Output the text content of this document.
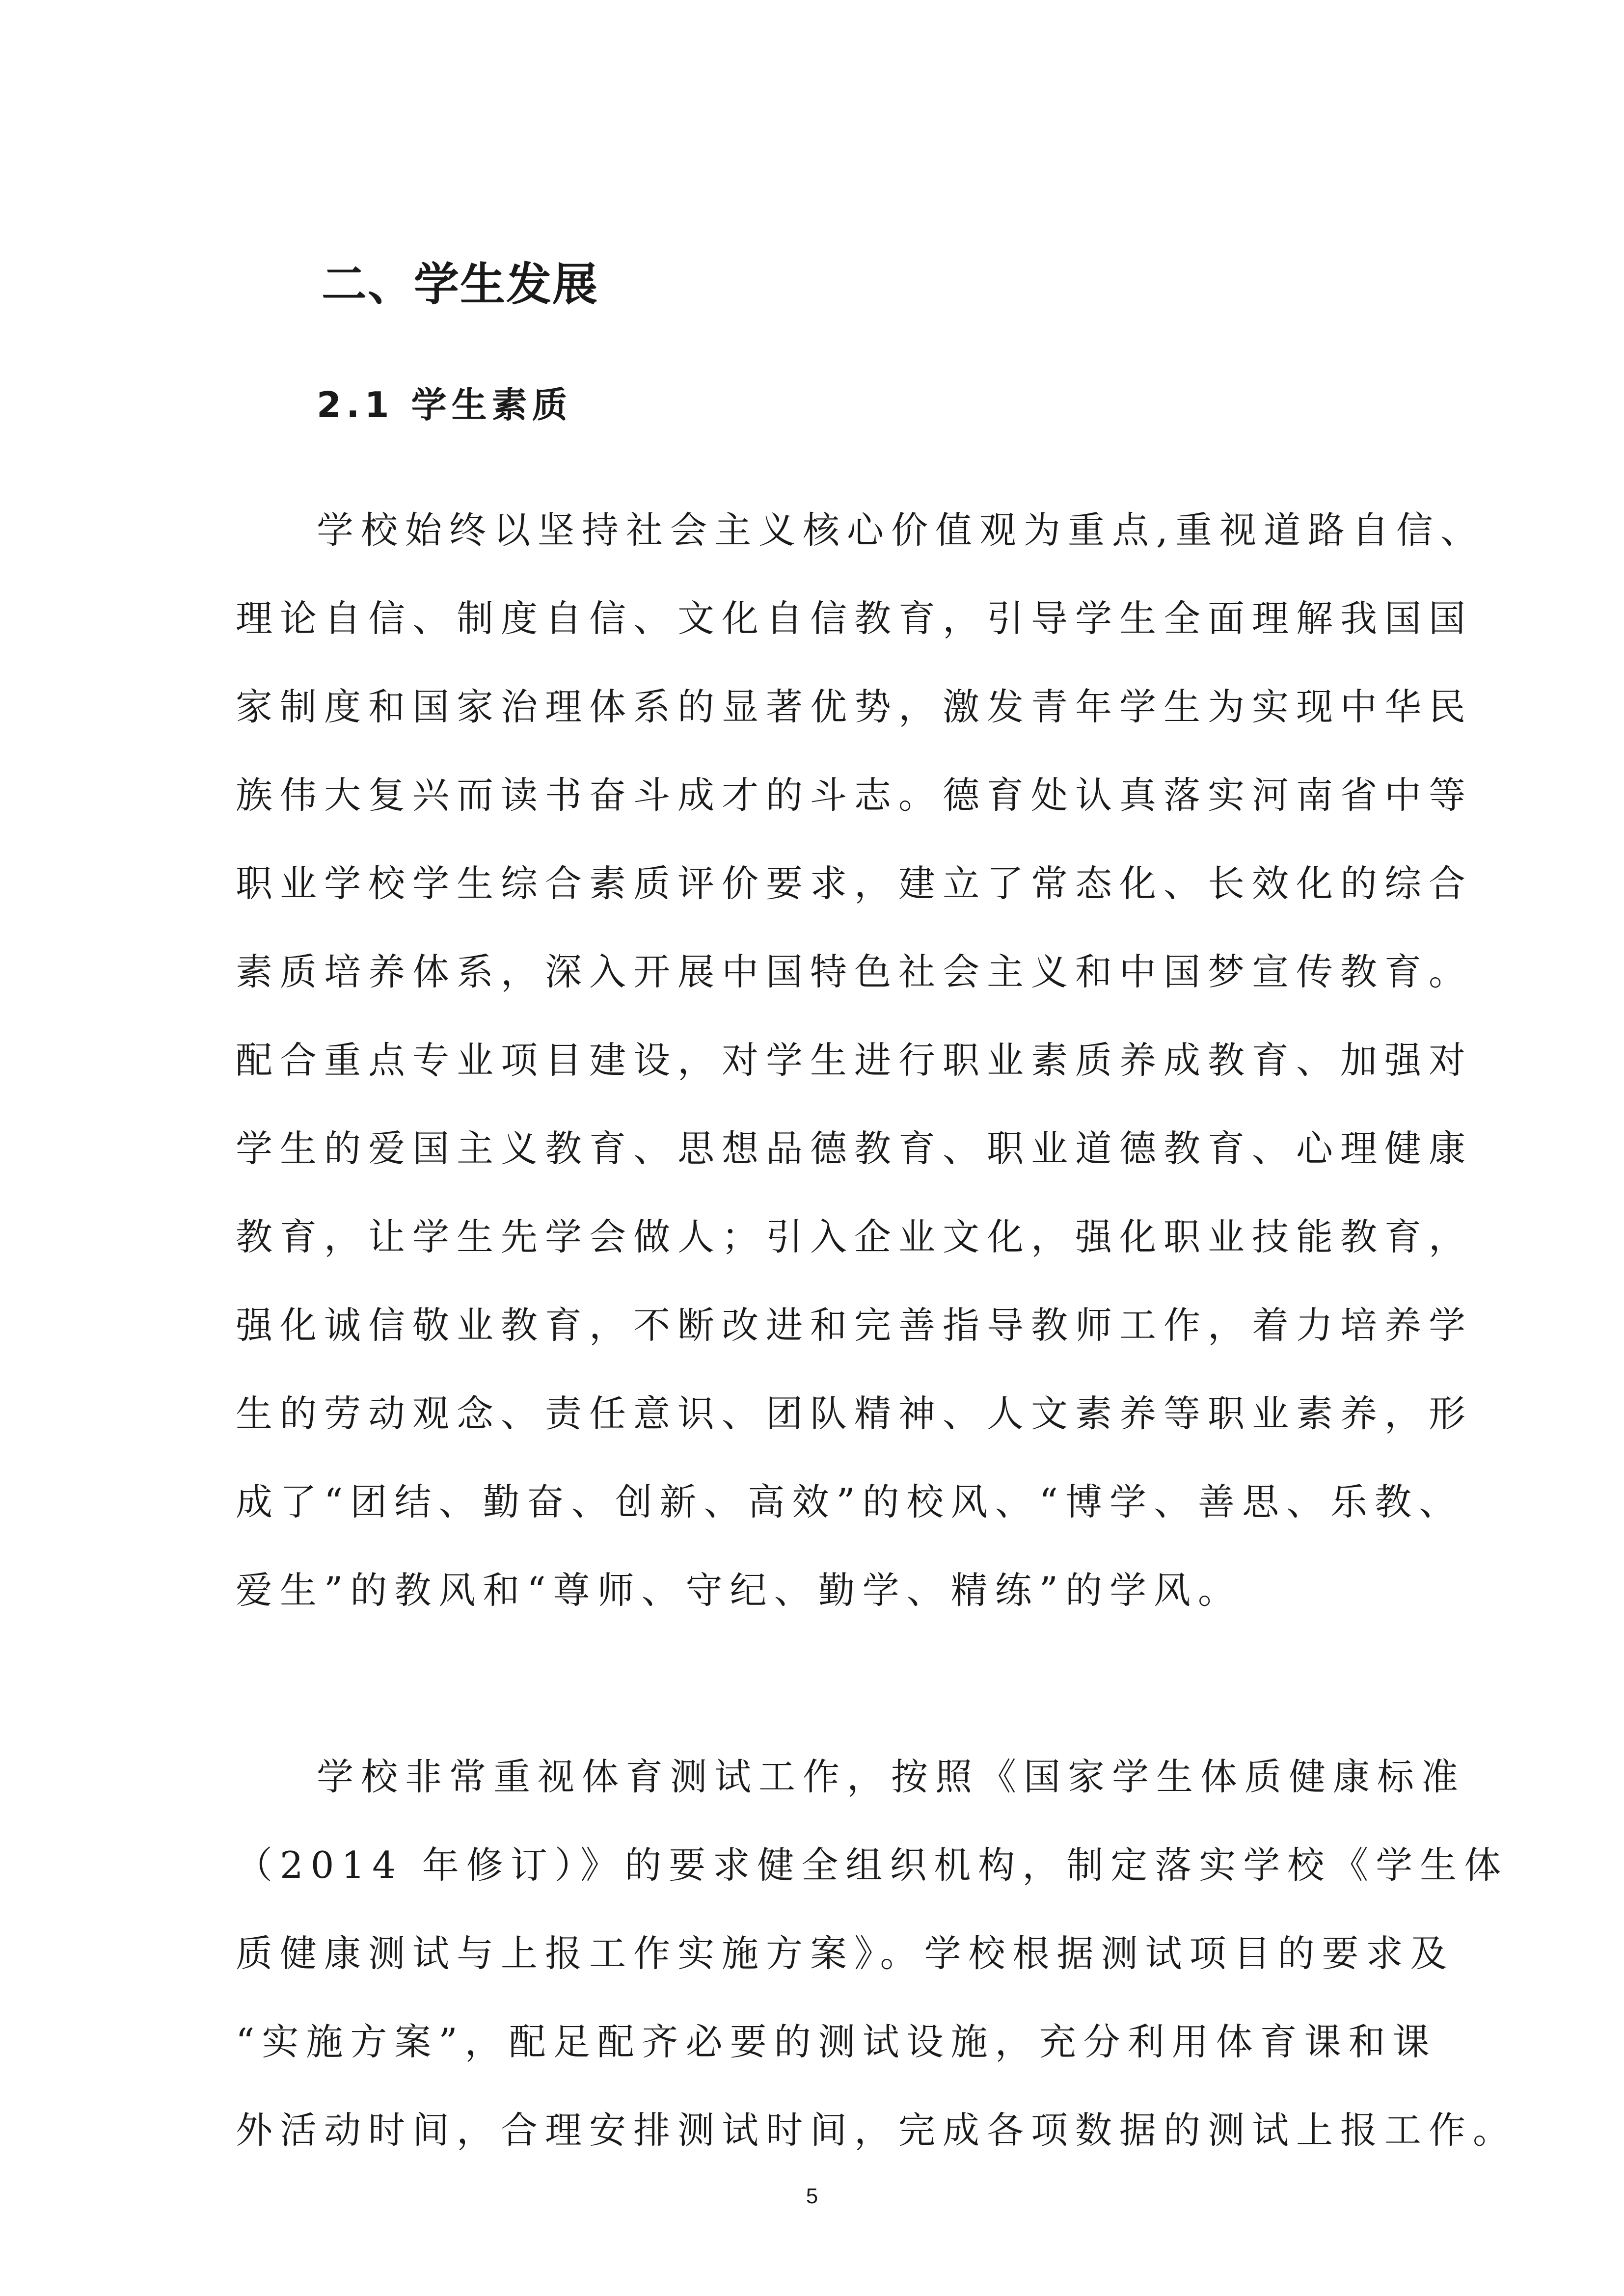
二、学生发展
2.1 学生素质
学校始终以坚持社会主义核心价值观为重点,重视道路自信、
理论自信、制度自信、文化自信教育，引导学生全面理解我国国
家制度和国家治理体系的显著优势，激发青年学生为实现中华民
族伟大复兴而读书奋斗成才的斗志。德育处认真落实河南省中等
职业学校学生综合素质评价要求，建立了常态化、长效化的综合
素质培养体系，深入开展中国特色社会主义和中国梦宣传教育。
配合重点专业项目建设，对学生进行职业素质养成教育、加强对
学生的爱国主义教育、思想品德教育、职业道德教育、心理健康
教育，让学生先学会做人；引入企业文化，强化职业技能教育，
强化诚信敬业教育，不断改进和完善指导教师工作，着力培养学
生的劳动观念、责任意识、团队精神、人文素养等职业素养，形
成了“团结、勤奋、创新、高效”的校风、“博学、善思、乐教、
爱生”的教风和“尊师、守纪、勤学、精练”的学风。
学校非常重视体育测试工作，按照《国家学生体质健康标准
（2014 年修订）》的要求健全组织机构，制定落实学校《学生体
质健康测试与上报工作实施方案》。学校根据测试项目的要求及
“实施方案”，配足配齐必要的测试设施，充分利用体育课和课
外活动时间，合理安排测试时间，完成各项数据的测试上报工作。
5
